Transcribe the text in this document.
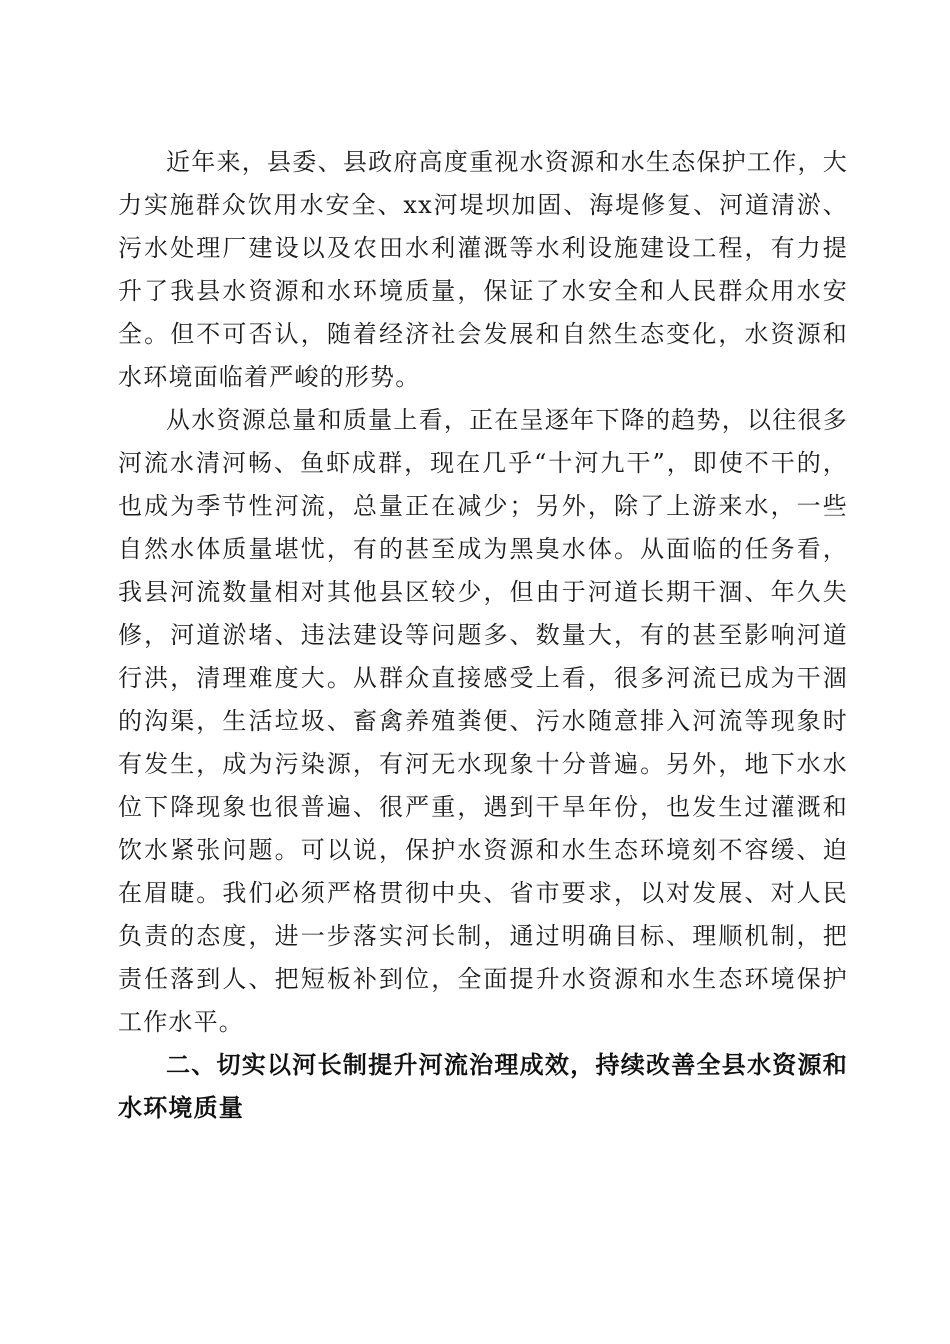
近年来，县委、县政府高度重视水资源和水生态保护工作，大力实施群众饮用水安全、xx河堤坝加固、海堤修复、河道清淤、污水处理厂建设以及农田水利灌溉等水利设施建设工程，有力提升了我县水资源和水环境质量，保证了水安全和人民群众用水安全。但不可否认，随着经济社会发展和自然生态变化，水资源和水环境面临着严峻的形势。

从水资源总量和质量上看，正在呈逐年下降的趋势，以往很多河流水清河畅、鱼虾成群，现在几乎“十河九干”，即使不干的，也成为季节性河流，总量正在减少；另外，除了上游来水，一些自然水体质量堪忧，有的甚至成为黑臭水体。从面临的任务看，我县河流数量相对其他县区较少，但由于河道长期干涸、年久失修，河道淤堵、违法建设等问题多、数量大，有的甚至影响河道行洪，清理难度大。从群众直接感受上看，很多河流已成为干涸的沟渠，生活垃圾、畜禽养殖粪便、污水随意排入河流等现象时有发生，成为污染源，有河无水现象十分普遍。另外，地下水水位下降现象也很普遍、很严重，遇到干旱年份，也发生过灌溉和饮水紧张问题。可以说，保护水资源和水生态环境刻不容缓、迫在眉睫。我们必须严格贯彻中央、省市要求，以对发展、对人民负责的态度，进一步落实河长制，通过明确目标、理顺机制，把责任落到人、把短板补到位，全面提升水资源和水生态环境保护工作水平。

二、切实以河长制提升河流治理成效，持续改善全县水资源和水环境质量
